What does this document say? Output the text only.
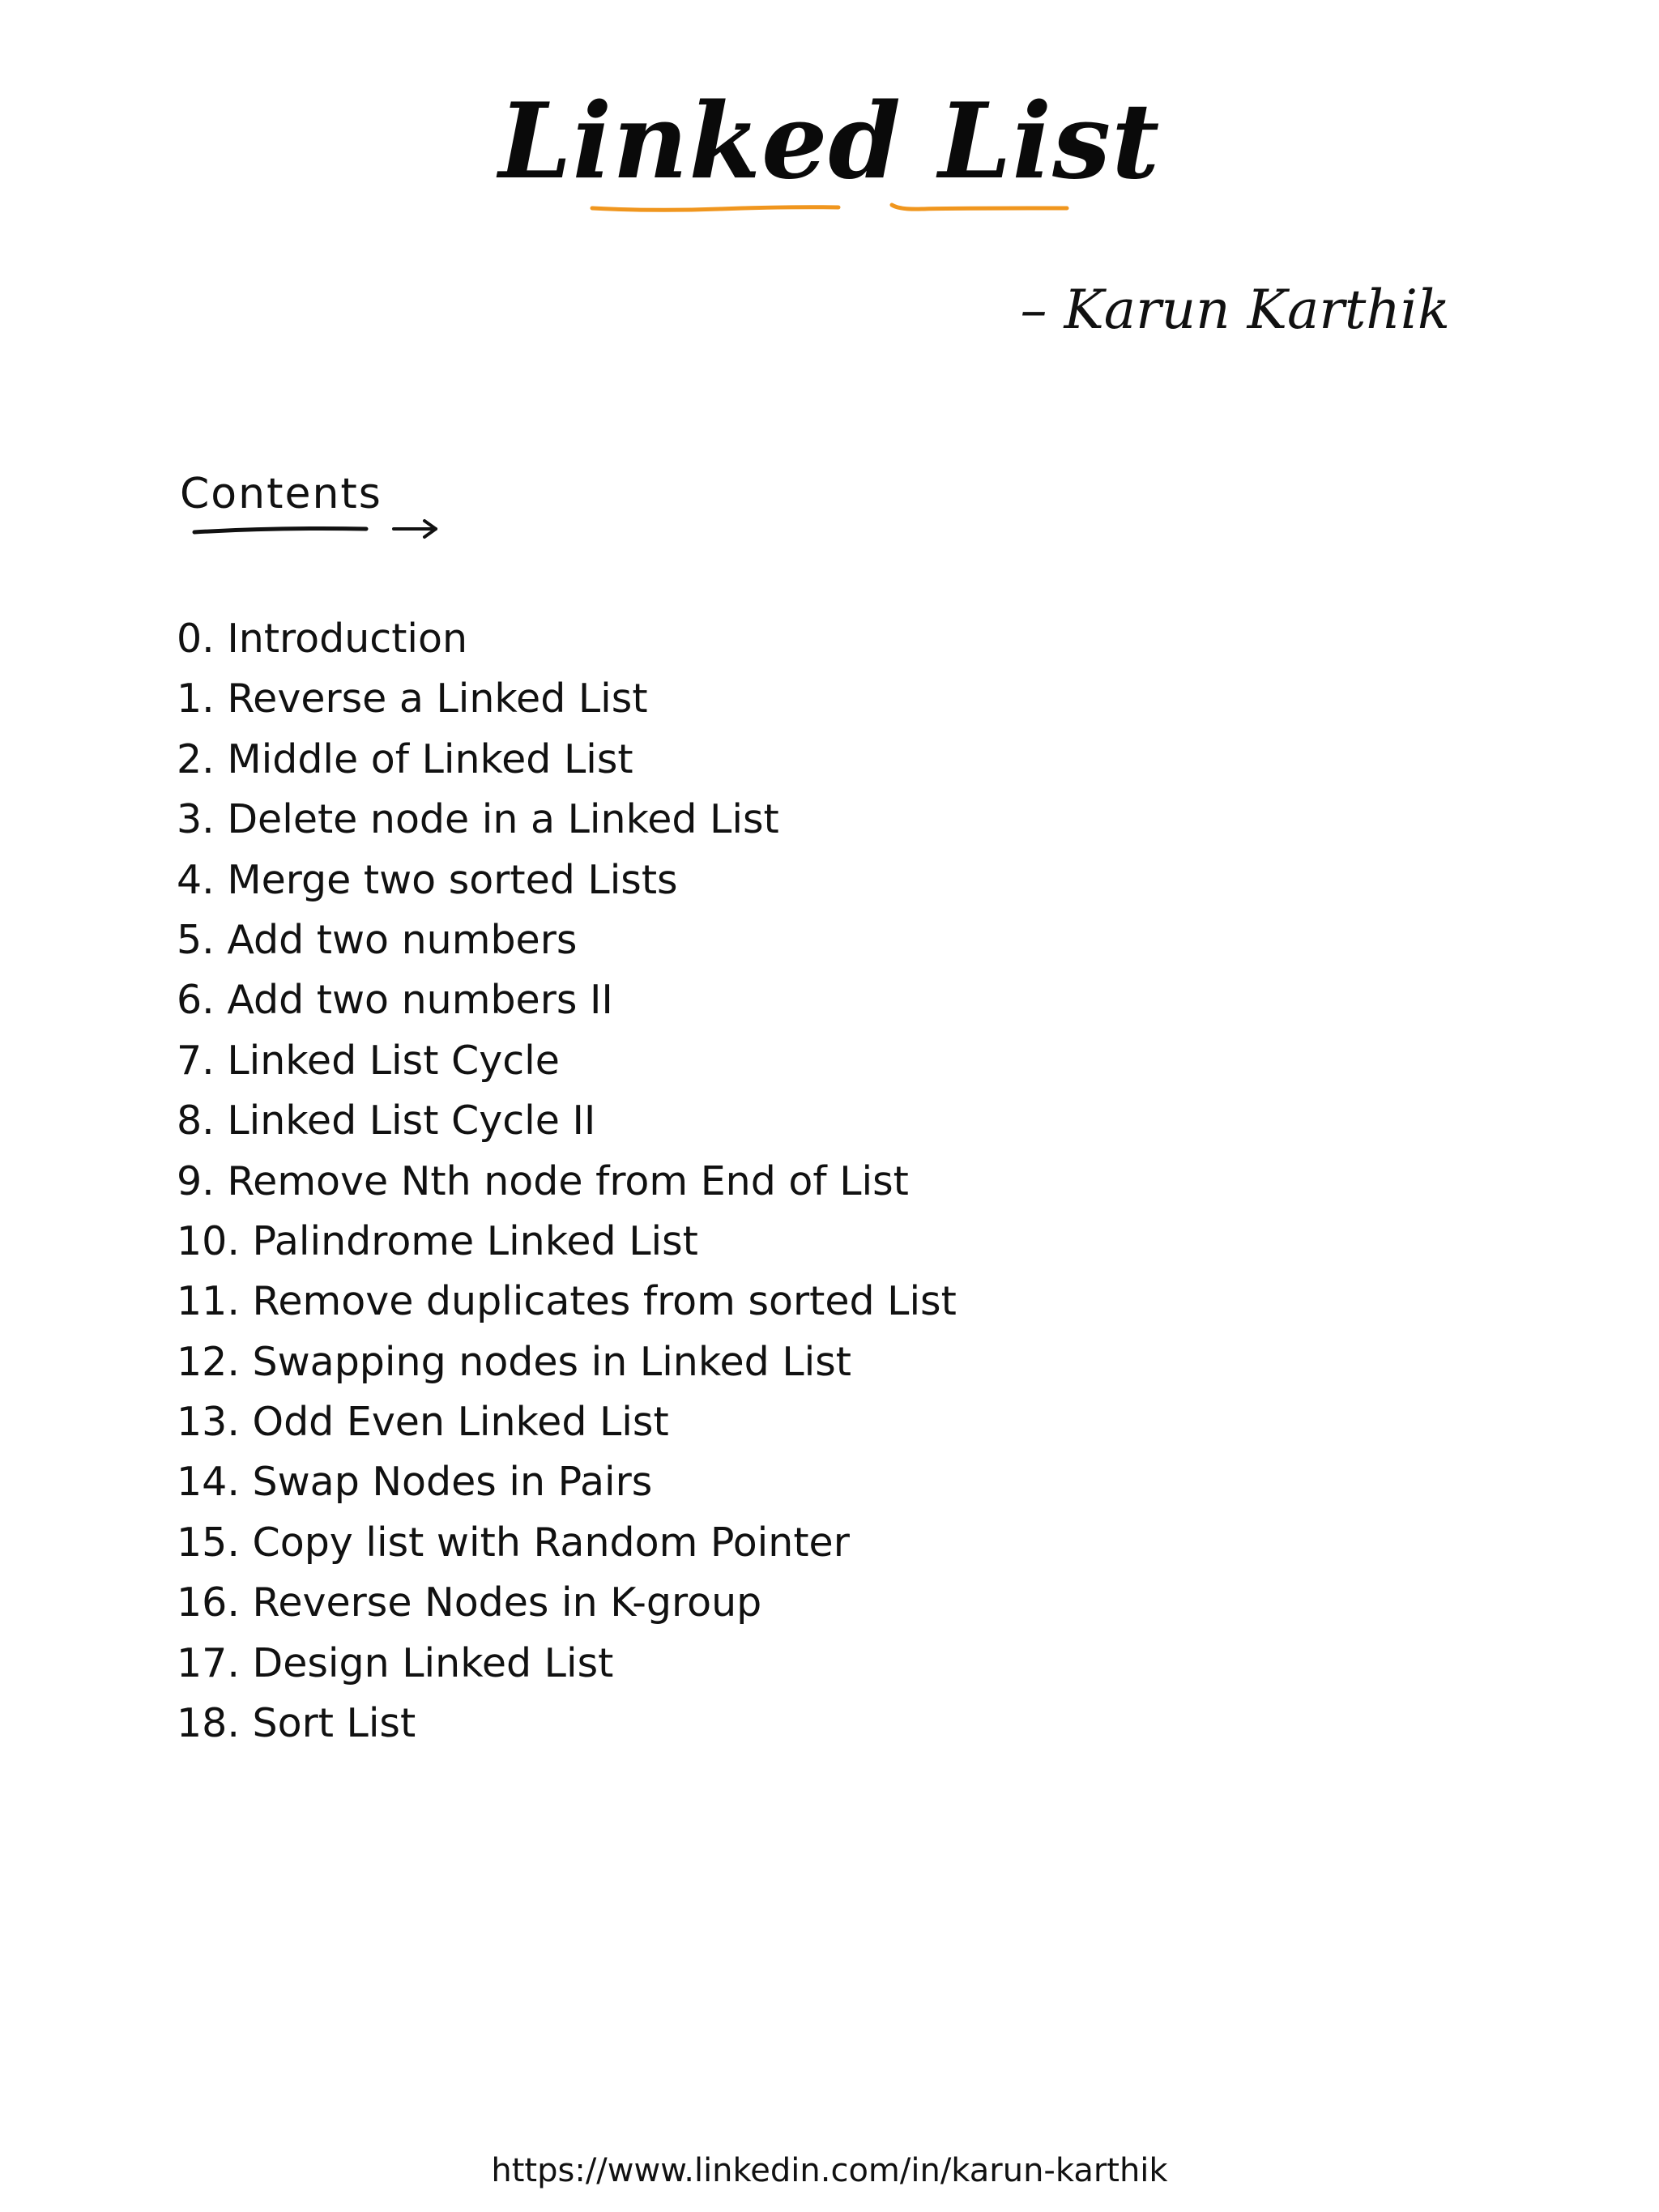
Linked List
– Karun Karthik
Contents
0. Introduction
1. Reverse a Linked List
2. Middle of Linked List
3. Delete node in a Linked List
4. Merge two sorted Lists
5. Add two numbers
6. Add two numbers II
7. Linked List Cycle
8. Linked List Cycle II
9. Remove Nth node from End of List
10. Palindrome Linked List
11. Remove duplicates from sorted List
12. Swapping nodes in Linked List
13. Odd Even Linked List
14. Swap Nodes in Pairs
15. Copy list with Random Pointer
16. Reverse Nodes in K-group
17. Design Linked List
18. Sort List
https://www.linkedin.com/in/karun-karthik
